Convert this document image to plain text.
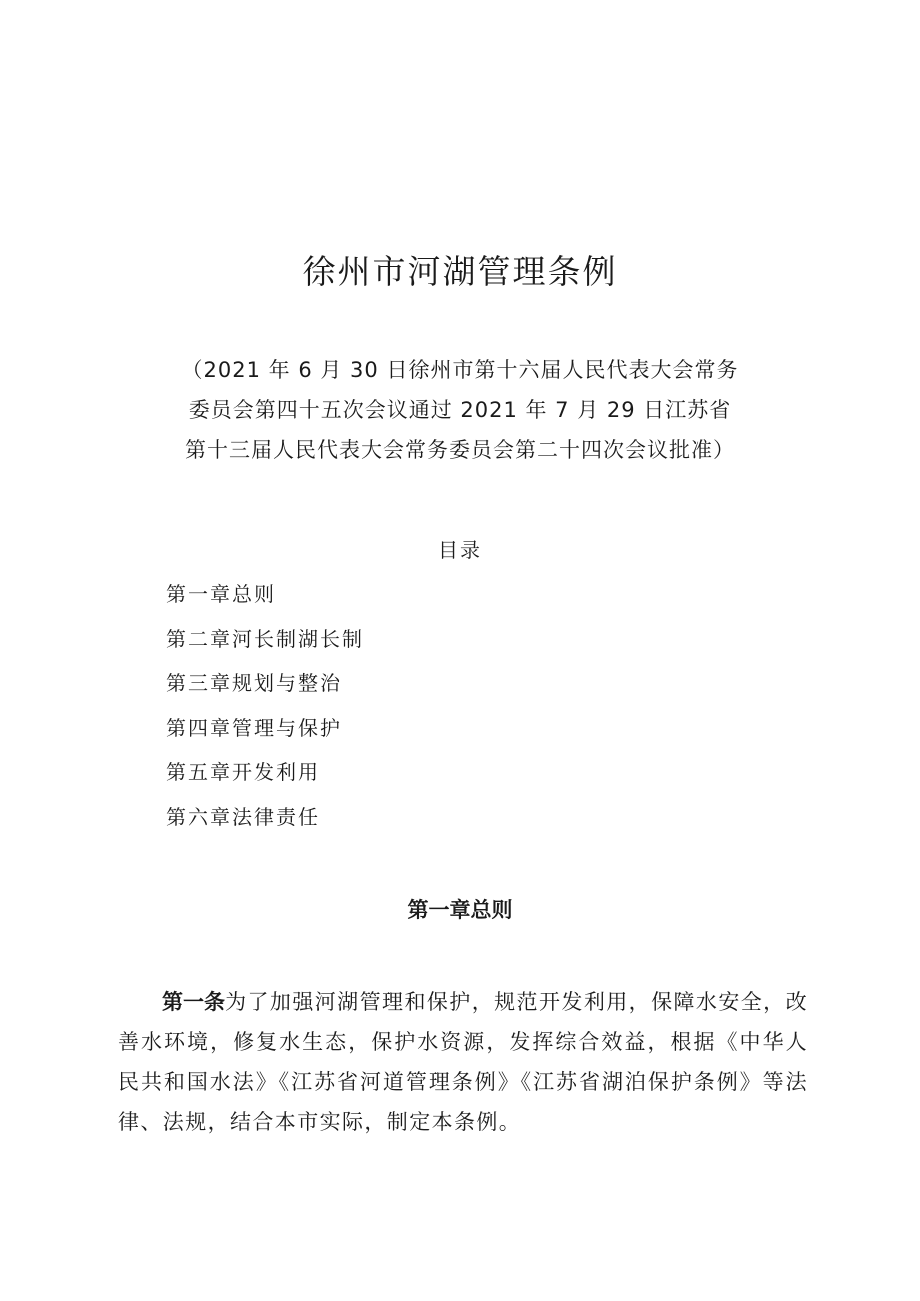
徐州市河湖管理条例
（2021 年 6 月 30 日徐州市第十六届人民代表大会常务
委员会第四十五次会议通过 2021 年 7 月 29 日江苏省
第十三届人民代表大会常务委员会第二十四次会议批准）
目录
第一章总则
第二章河长制湖长制
第三章规划与整治
第四章管理与保护
第五章开发利用
第六章法律责任
第一章总则
第一条为了加强河湖管理和保护，规范开发利用，保障水安全，改善水环境，修复水生态，保护水资源，发挥综合效益，根据《中华人民共和国水法》《江苏省河道管理条例》《江苏省湖泊保护条例》等法律、法规，结合本市实际，制定本条例。
